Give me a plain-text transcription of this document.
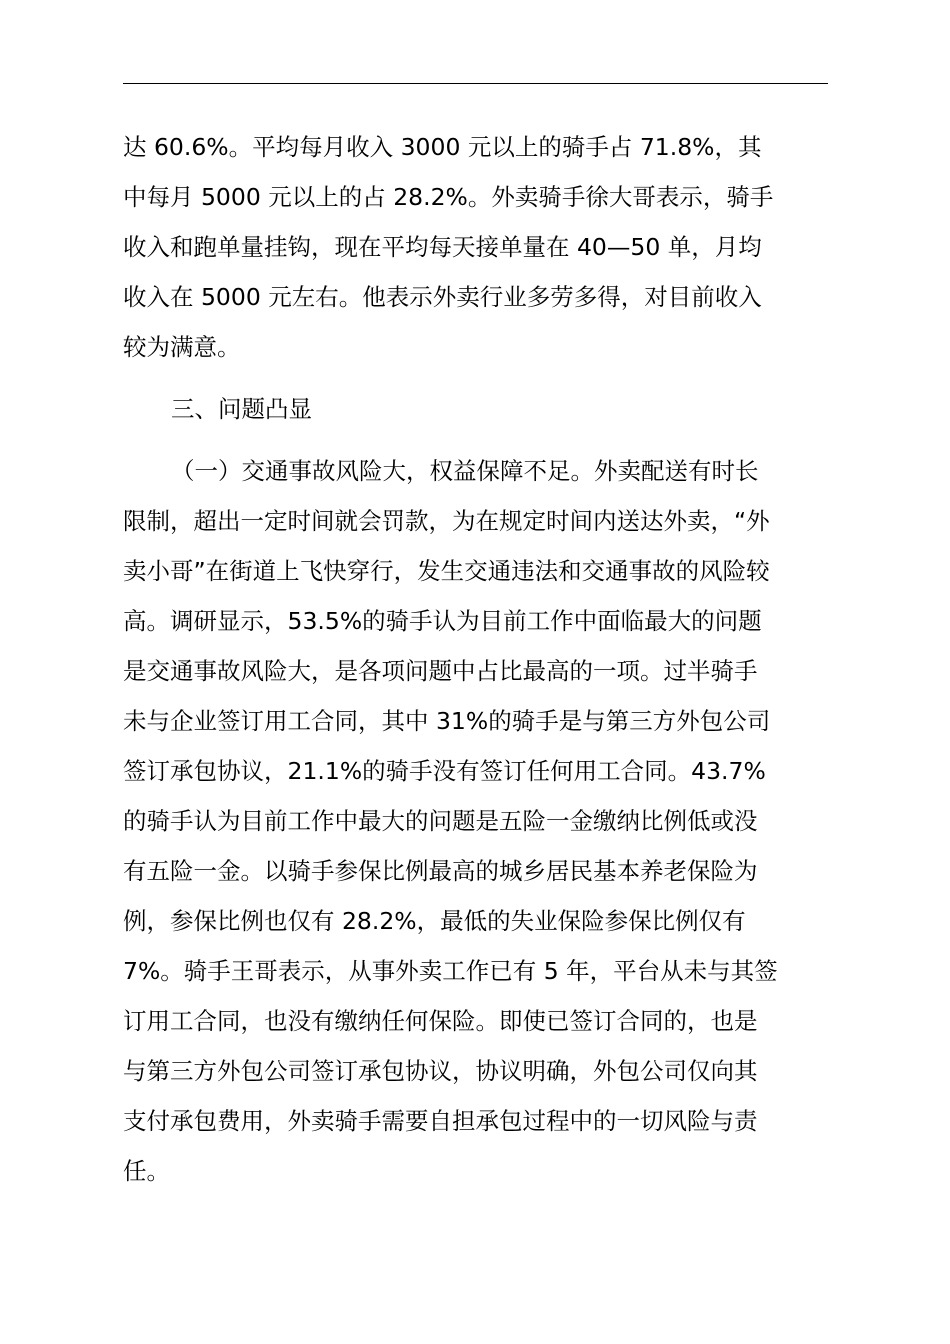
达 60.6%。平均每月收入 3000 元以上的骑手占 71.8%，其
中每月 5000 元以上的占 28.2%。外卖骑手徐大哥表示，骑手
收入和跑单量挂钩，现在平均每天接单量在 40—50 单，月均
收入在 5000 元左右。他表示外卖行业多劳多得，对目前收入
较为满意。

三、问题凸显

（一）交通事故风险大，权益保障不足。外卖配送有时长
限制，超出一定时间就会罚款，为在规定时间内送达外卖，“外
卖小哥”在街道上飞快穿行，发生交通违法和交通事故的风险较
高。调研显示，53.5%的骑手认为目前工作中面临最大的问题
是交通事故风险大，是各项问题中占比最高的一项。过半骑手
未与企业签订用工合同，其中 31%的骑手是与第三方外包公司
签订承包协议，21.1%的骑手没有签订任何用工合同。43.7%
的骑手认为目前工作中最大的问题是五险一金缴纳比例低或没
有五险一金。以骑手参保比例最高的城乡居民基本养老保险为
例，参保比例也仅有 28.2%，最低的失业保险参保比例仅有
7%。骑手王哥表示，从事外卖工作已有 5 年，平台从未与其签
订用工合同，也没有缴纳任何保险。即使已签订合同的，也是
与第三方外包公司签订承包协议，协议明确，外包公司仅向其
支付承包费用，外卖骑手需要自担承包过程中的一切风险与责
任。
